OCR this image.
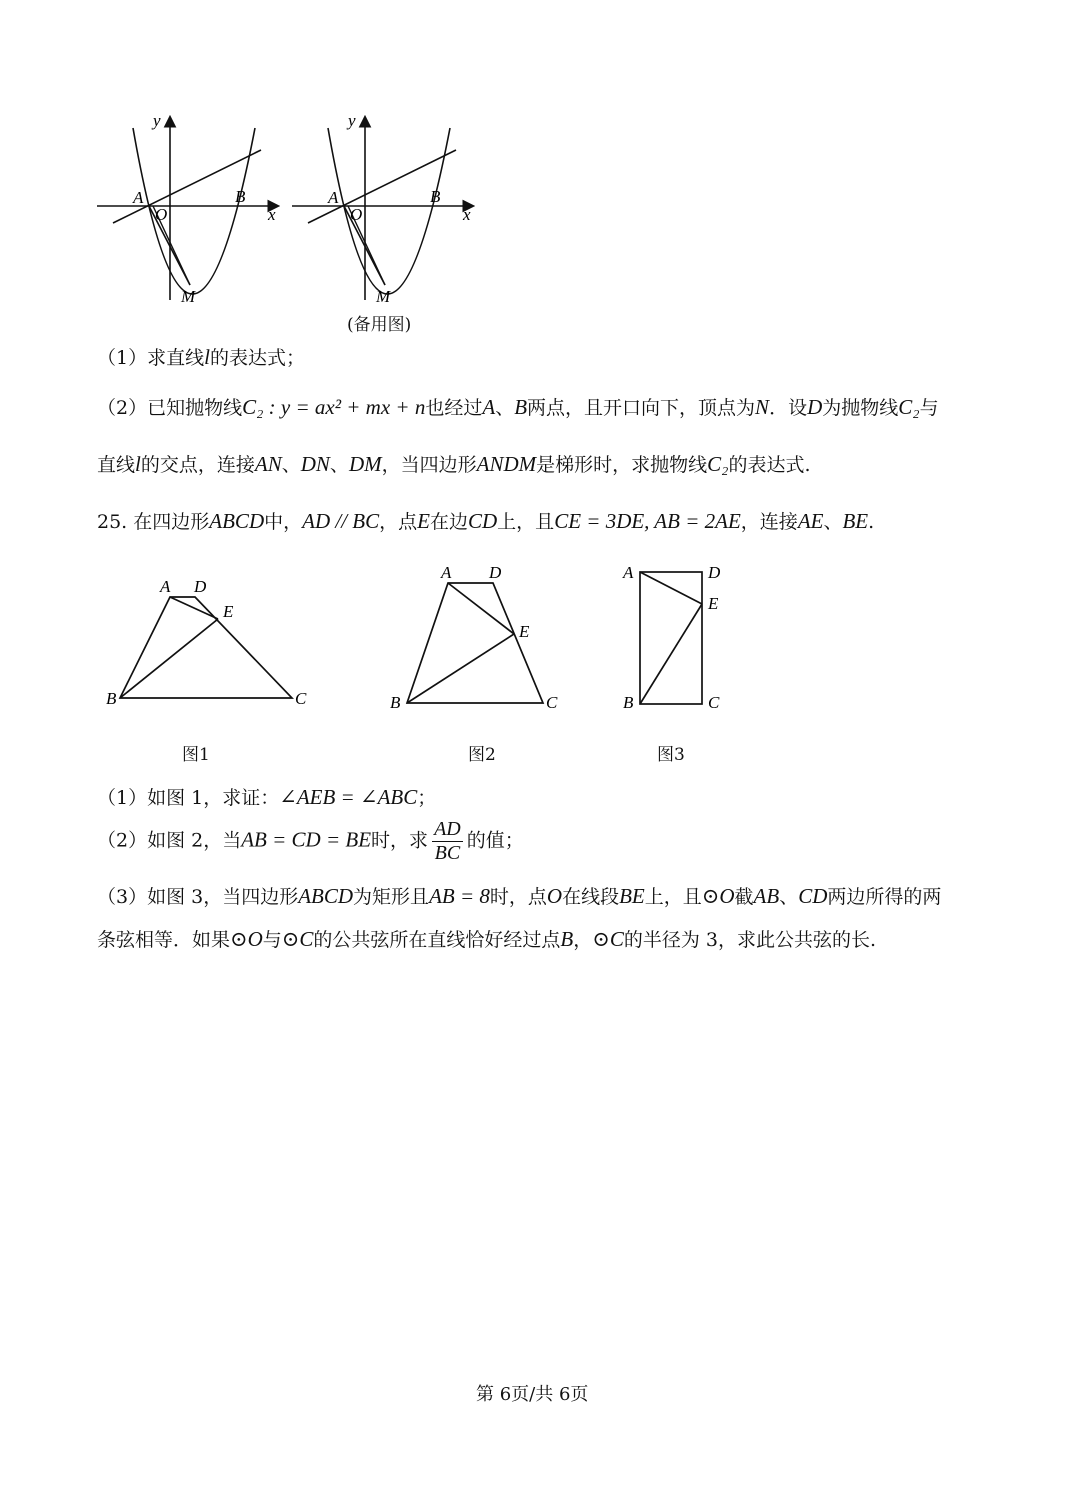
y
x
A
O
B
M
y
x
A
O
B
M
(备用图)
（1）求直线l的表达式；
（2）已知抛物线C₂ : y = ax² + mx + n也经过A、B两点，且开口向下，顶点为N．设D为抛物线C₂与
直线l的交点，连接AN、DN、DM，当四边形ANDM是梯形时，求抛物线C₂的表达式.
25. 在四边形ABCD中，AD // BC，点E在边CD上，且CE = 3DE, AB = 2AE，连接AE、BE.
A D
E
B	C
A D
E
B	C
A	D
E
B	C
图1	图2	图3
（1）如图 1，求证：∠AEB = ∠ABC；
（2）如图 2，当AB = CD = BE时，求 $\frac{AD}{BC}$ 的值；
（3）如图 3，当四边形ABCD为矩形且AB = 8时，点O在线段BE上，且⊙O截AB、CD两边所得的两
条弦相等．如果⊙O与⊙C的公共弦所在直线恰好经过点B，⊙C的半径为 3，求此公共弦的长.
第 6页/共 6页
